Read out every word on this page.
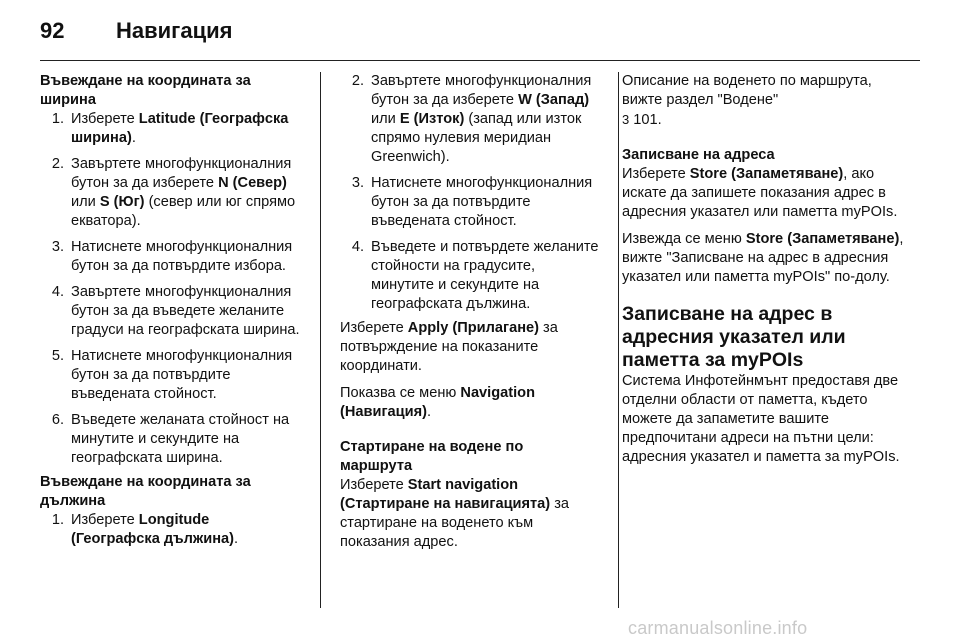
92	Навигация

Въвеждане на координата за
ширина

1. Изберете Latitude (Географска ширина).
2. Завъртете многофункционалния бутон за да изберете N (Север) или S (Юг) (север или юг спрямо екватора).
3. Натиснете многофункционалния бутон за да потвърдите избора.
4. Завъртете многофункционалния бутон за да въведете желаните градуси на географската ширина.
5. Натиснете многофункционалния бутон за да потвърдите въведената стойност.
6. Въведете желаната стойност на минутите и секундите на географската ширина.

Въвеждане на координата за
дължина

1. Изберете Longitude (Географска дължина).
2. Завъртете многофункционалния бутон за да изберете W (Запад) или E (Изток) (запад или изток спрямо нулевия меридиан Greenwich).
3. Натиснете многофункционалния бутон за да потвърдите въведената стойност.
4. Въведете и потвърдете желаните стойности на градусите, минутите и секундите на географската дължина.

Изберете Apply (Прилагане) за потвърждение на показаните координати.

Показва се меню Navigation (Навигация).

Стартиране на водене по
маршрута

Изберете Start navigation (Стартиране на навигацията) за стартиране на воденето към показания адрес.

Описание на воденето по маршрута, вижте раздел "Водене"
3 101.

Записване на адреса

Изберете Store (Запаметяване), ако искате да запишете показания адрес в адресния указател или паметта myPOIs.

Извежда се меню Store (Запаметяване), вижте "Записване на адрес в адресния указател или паметта myPOIs" по-долу.

Записване на адрес в
адресния указател или
паметта за myPOIs

Система Инфотейнмънт предоставя две отделни области от паметта, където можете да запаметите вашите предпочитани адреси на пътни цели: адресния указател и паметта за myPOIs.

carmanualsonline.info
